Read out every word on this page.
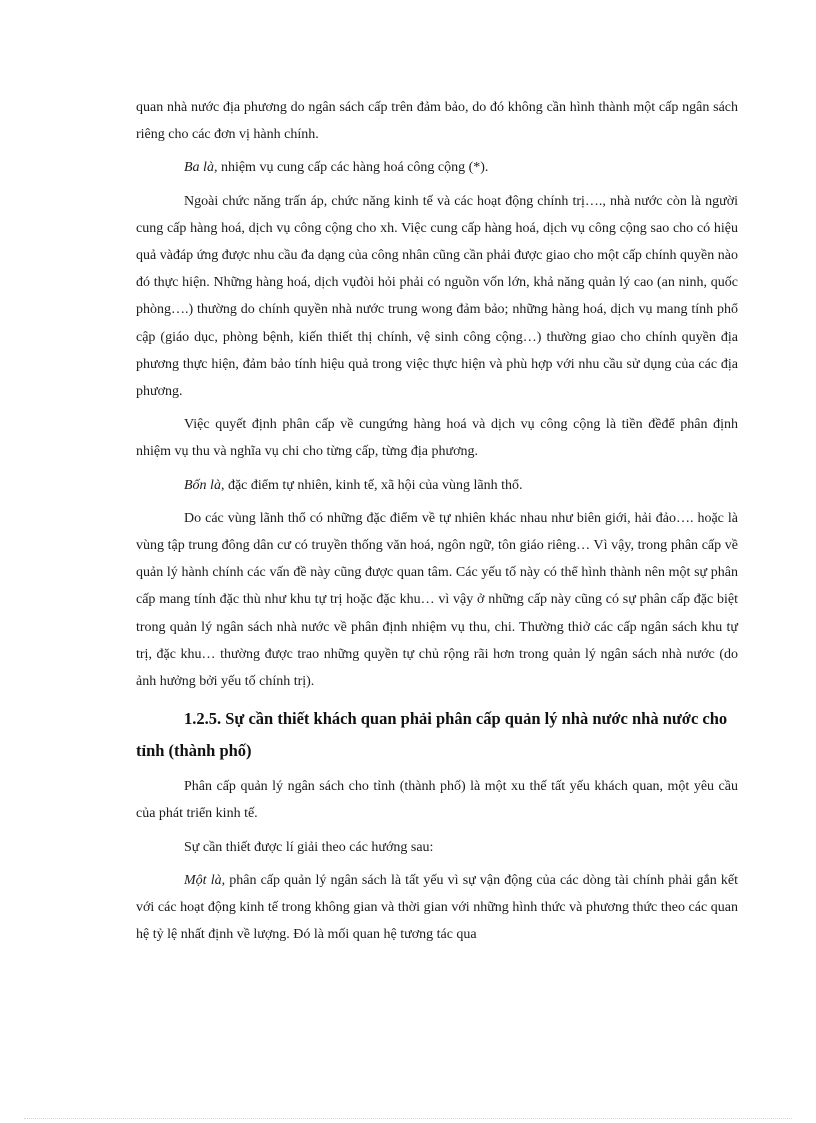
quan nhà nước địa phương do ngân sách cấp trên đảm bảo, do đó không cần hình thành một cấp ngân sách riêng cho các đơn vị hành chính.

Ba là, nhiệm vụ cung cấp các hàng hoá công cộng (*).

Ngoài chức năng trấn áp, chức năng kinh tế và các hoạt động chính trị…., nhà nước còn là người cung cấp hàng hoá, dịch vụ công cộng cho xh. Việc cung cấp hàng hoá, dịch vụ công cộng sao cho có hiệu quả vàđáp ứng được nhu cầu đa dạng của công nhân cũng cần phải được giao cho một cấp chính quyền nào đó thực hiện. Những hàng hoá, dịch vụđòi hỏi phải có nguồn vốn lớn, khả năng quản lý cao (an ninh, quốc phòng….) thường do chính quyền nhà nước trung wong đảm bảo; những hàng hoá, dịch vụ mang tính phổ cập (giáo dục, phòng bệnh, kiến thiết thị chính, vệ sinh công cộng…) thường giao cho chính quyền địa phương thực hiện, đảm bảo tính hiệu quả trong việc thực hiện và phù hợp với nhu cầu sử dụng của các địa phương.

Việc quyết định phân cấp về cungứng hàng hoá và dịch vụ công cộng là tiền đềđể phân định nhiệm vụ thu và nghĩa vụ chi cho từng cấp, từng địa phương.

Bốn là, đặc điểm tự nhiên, kinh tế, xã hội của vùng lãnh thổ.

Do các vùng lãnh thổ có những đặc điểm về tự nhiên khác nhau như biên giới, hải đảo…. hoặc là vùng tập trung đông dân cư có truyền thống văn hoá, ngôn ngữ, tôn giáo riêng… Vì vậy, trong phân cấp về quản lý hành chính các vấn đề này cũng được quan tâm. Các yếu tố này có thể hình thành nên một sự phân cấp mang tính đặc thù như khu tự trị hoặc đặc khu… vì vậy ở những cấp này cũng có sự phân cấp đặc biệt trong quản lý ngân sách nhà nước về phân định nhiệm vụ thu, chi. Thường thiở các cấp ngân sách khu tự trị, đặc khu… thường được trao những quyền tự chủ rộng rãi hơn trong quản lý ngân sách nhà nước (do ảnh hưởng bởi yếu tố chính trị).

1.2.5. Sự cần thiết khách quan phải phân cấp quản lý nhà nước nhà nước cho tỉnh (thành phố)

Phân cấp quản lý ngân sách cho tỉnh (thành phố) là một xu thế tất yếu khách quan, một yêu cầu của phát triển kinh tế.

Sự cần thiết được lí giải theo các hướng sau:

Một là, phân cấp quản lý ngân sách là tất yếu vì sự vận động của các dòng tài chính phải gắn kết với các hoạt động kinh tế trong không gian và thời gian với những hình thức và phương thức theo các quan hệ tỷ lệ nhất định về lượng. Đó là mối quan hệ tương tác qua
